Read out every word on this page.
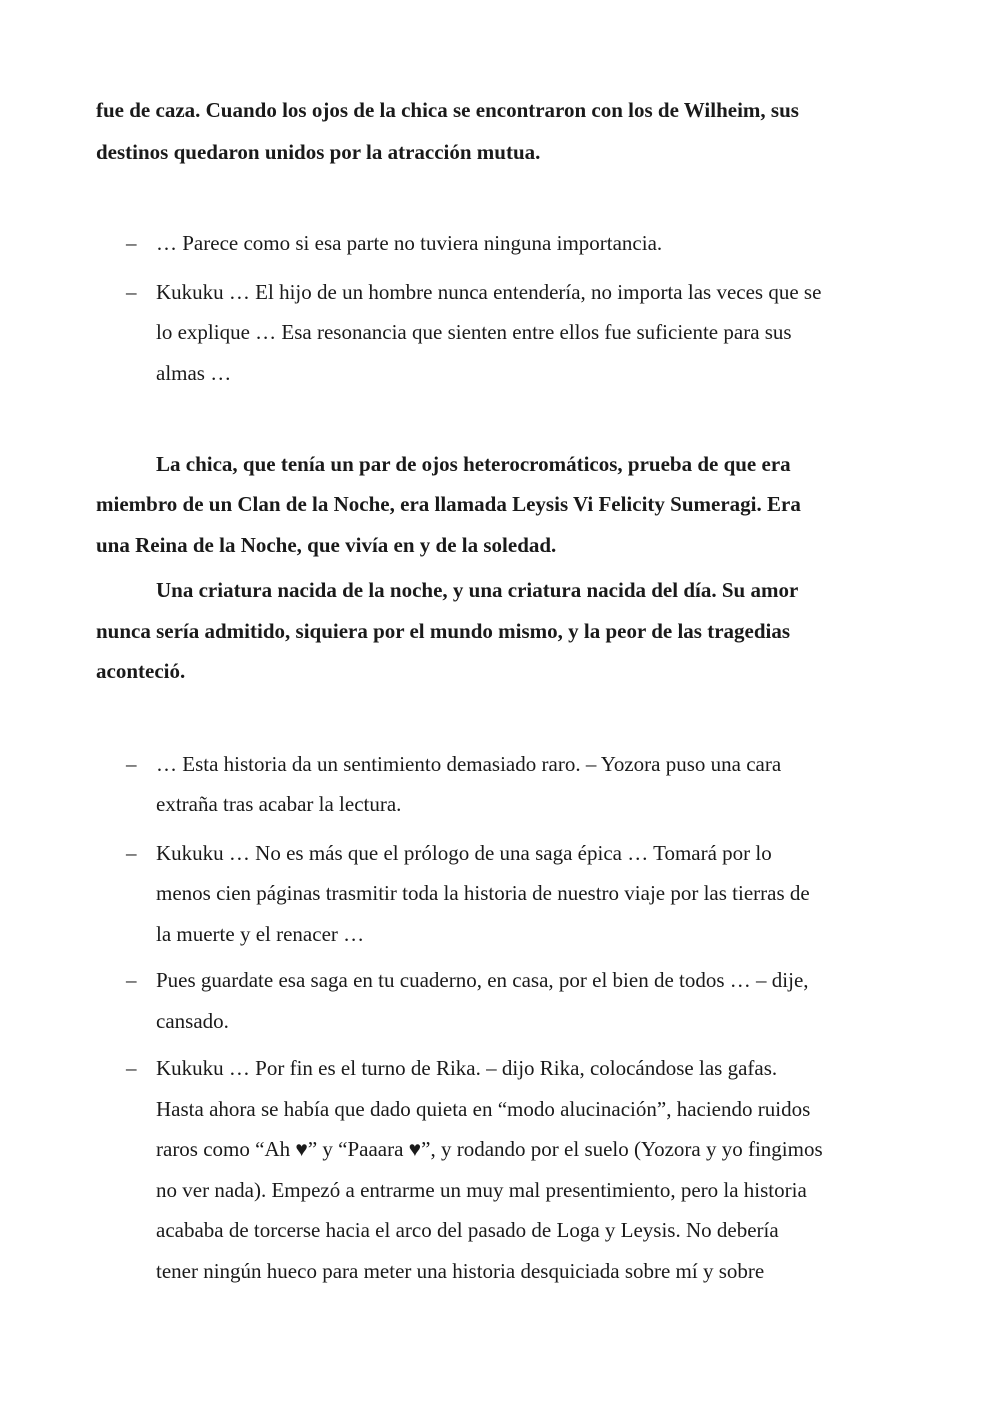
fue de caza. Cuando los ojos de la chica se encontraron con los de Wilheim, sus
destinos quedaron unidos por la atracción mutua.
– … Parece como si esa parte no tuviera ninguna importancia.
– Kukuku … El hijo de un hombre nunca entendería, no importa las veces que se
lo explique … Esa resonancia que sienten entre ellos fue suficiente para sus
almas …
La chica, que tenía un par de ojos heterocromáticos, prueba de que era
miembro de un Clan de la Noche, era llamada Leysis Vi Felicity Sumeragi. Era
una Reina de la Noche, que vivía en y de la soledad.
Una criatura nacida de la noche, y una criatura nacida del día. Su amor
nunca sería admitido, siquiera por el mundo mismo, y la peor de las tragedias
aconteció.
– … Esta historia da un sentimiento demasiado raro. – Yozora puso una cara
extraña tras acabar la lectura.
– Kukuku … No es más que el prólogo de una saga épica … Tomará por lo
menos cien páginas trasmitir toda la historia de nuestro viaje por las tierras de
la muerte y el renacer …
– Pues guardate esa saga en tu cuaderno, en casa, por el bien de todos … – dije,
cansado.
– Kukuku … Por fin es el turno de Rika. – dijo Rika, colocándose las gafas.
Hasta ahora se había que dado quieta en “modo alucinación”, haciendo ruidos
raros como “Ah ♥” y “Paaara ♥”, y rodando por el suelo (Yozora y yo fingimos
no ver nada). Empezó a entrarme un muy mal presentimiento, pero la historia
acababa de torcerse hacia el arco del pasado de Loga y Leysis. No debería
tener ningún hueco para meter una historia desquiciada sobre mí y sobre
